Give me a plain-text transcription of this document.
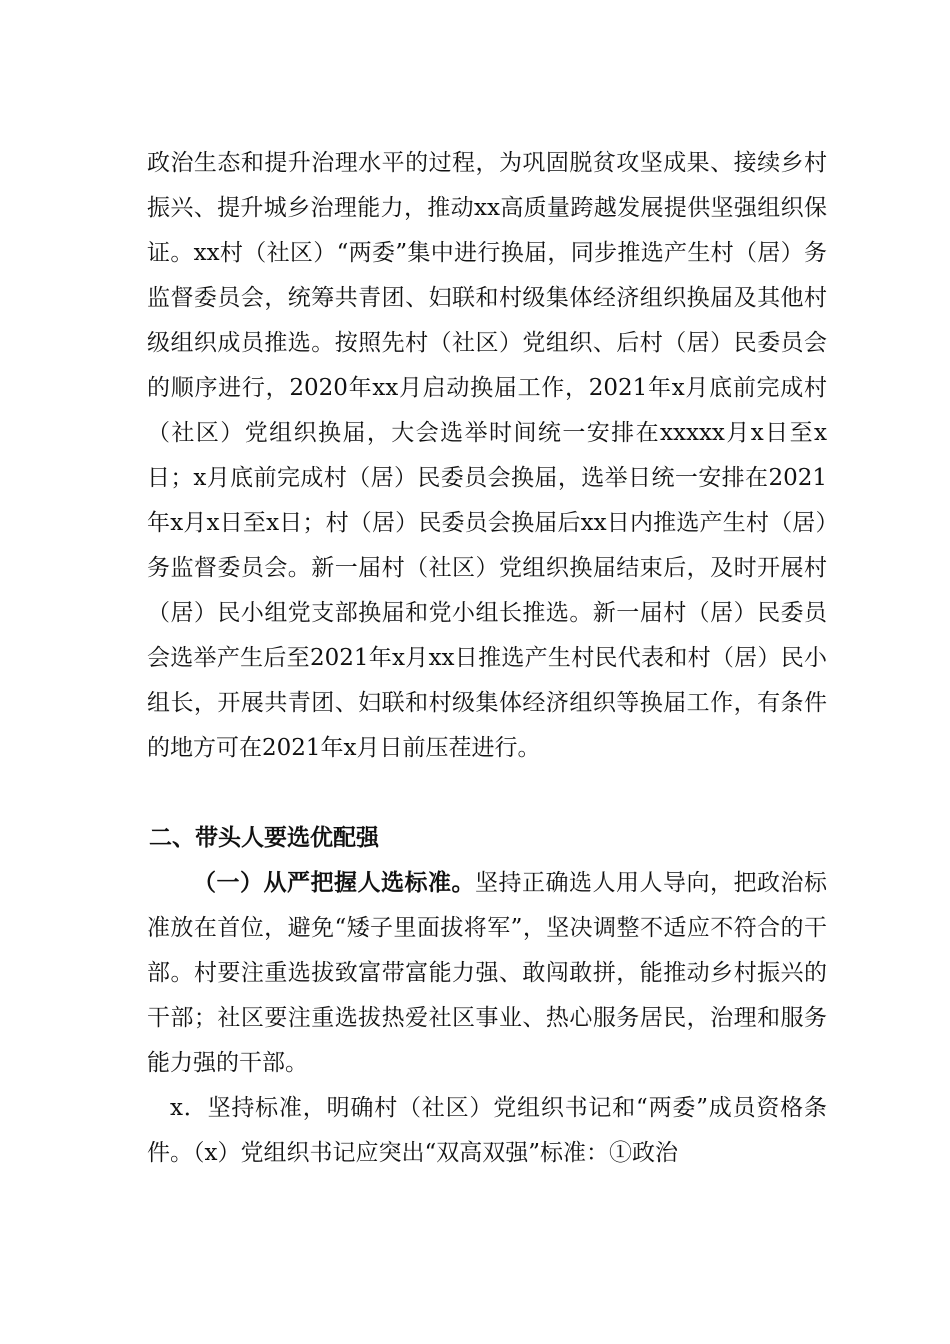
政治生态和提升治理水平的过程，为巩固脱贫攻坚成果、接续乡村振兴、提升城乡治理能力，推动xx高质量跨越发展提供坚强组织保证。xx村（社区）“两委”集中进行换届，同步推选产生村（居）务监督委员会，统筹共青团、妇联和村级集体经济组织换届及其他村级组织成员推选。按照先村（社区）党组织、后村（居）民委员会的顺序进行，2020年xx月启动换届工作，2021年x月底前完成村（社区）党组织换届，大会选举时间统一安排在xxxxx月x日至x日；x月底前完成村（居）民委员会换届，选举日统一安排在2021年x月x日至x日；村（居）民委员会换届后xx日内推选产生村（居）务监督委员会。新一届村（社区）党组织换届结束后，及时开展村（居）民小组党支部换届和党小组长推选。新一届村（居）民委员会选举产生后至2021年x月xx日推选产生村民代表和村（居）民小组长，开展共青团、妇联和村级集体经济组织等换届工作，有条件的地方可在2021年x月日前压茬进行。

二、带头人要选优配强

（一）从严把握人选标准。坚持正确选人用人导向，把政治标准放在首位，避免“矮子里面拔将军”，坚决调整不适应不符合的干部。村要注重选拔致富带富能力强、敢闯敢拼，能推动乡村振兴的干部；社区要注重选拔热爱社区事业、热心服务居民，治理和服务能力强的干部。

x．坚持标准，明确村（社区）党组织书记和“两委”成员资格条件。（x）党组织书记应突出“双高双强”标准：①政治
